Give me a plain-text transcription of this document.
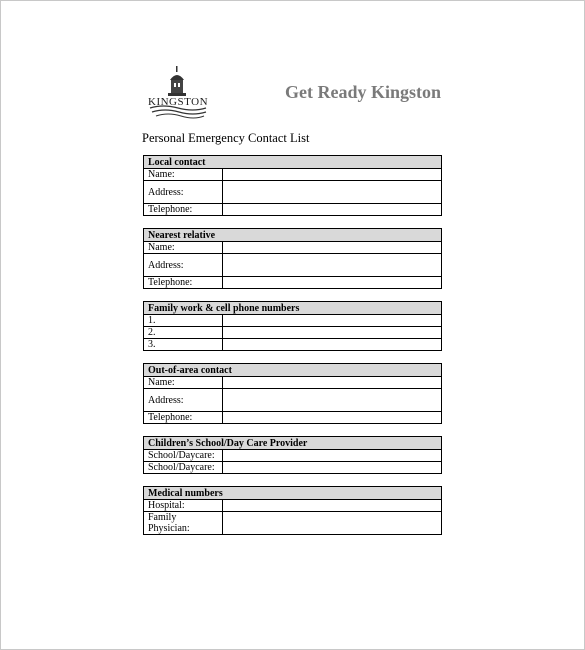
KINGSTON	Get Ready Kingston
Personal Emergency Contact List
Local contact	
Name:	
Address:	
Telephone:	
Nearest relative	
Name:	
Address:	
Telephone:	
Family work & cell phone numbers	
1.	
2.	
3.	
Out-of-area contact	
Name:	
Address:	
Telephone:	
Children’s School/Day Care Provider	
School/Daycare:	
School/Daycare:	
Medical numbers	
Hospital:	
Family Physician:	
